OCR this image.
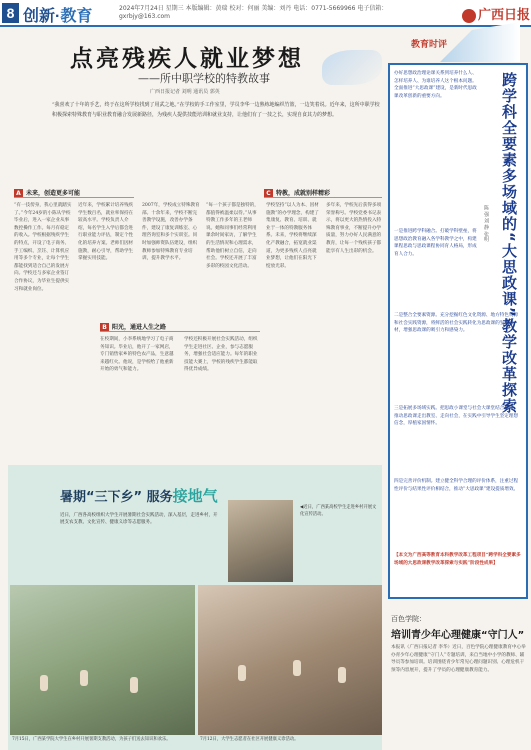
8 创新·教育	2024年7月24日 星期三 本版编辑：黄瑞 校对：何丽 美编：刘丹 电话：0771-5669966 电子信箱：gxrbjy@163.com	广西日报
点亮残疾人就业梦想
——所中职学校的特教故事
广西日报记者 刘明 通讯员 郭英
“我喜欢了十年的手艺，终于在这所学校找到了用武之地。”在学校的手工作室里，学员李华一边熟练地编织竹篮，一边笑着说。近年来，这所中职学校积极探索特殊教育与职业教育融合发展新路径，为残疾人提供技能培训和就业支持，让他们有了一技之长，实现自食其力的梦想。
A 未来，创造更多可能	C 特教，成就别样精彩
B 阳光，通进人生之路
“有一技傍身，我心里就踏实了。”今年24岁的小陈从学校毕业后，进入一家企业从事数控操作工作。每月有稳定的收入。学校根据残疾学生的特点，开设了电子商务、手工编织、烹饪、计算机应用等多个专业，让每个学生都能找到适合自己的发展方向。学校还与多家企业签订合作协议，为毕业生提供实习和就业岗位。
近年来，学校累计培养残疾学生数百名，就业率保持在较高水平。学校负责人介绍，每名学生入学后都会进行职业能力评估，制定个性化的培养方案。老师们因材施教，耐心引导，帮助学生掌握实用技能。
2007年，学校成立特殊教育部。十余年来，学校不断完善教学设施，改善办学条件，建设了康复训练室、心理咨询室和多个实训室。同时加强师资队伍建设，组织教师参加特殊教育专业培训，提升教学水平。
“每一个孩子都是独特的，都值得被温柔以待。”从事特教工作多年的王老师说。她和同事们经常利用课余时间家访，了解学生的生活情况和心理需求，帮助他们树立自信，走向社会。学校还开展了丰富多彩的校园文化活动。
在校期间，小李系统地学习了电子商务知识。毕业后，他开了一家网店，专门销售家乡的特色农产品，生意越来越红火。他说，是学校给了他重新开始的勇气和能力。
学校还积极开展社会实践活动，组织学生走进社区、企业，参与志愿服务，增强社会适应能力。每年的职业技能大赛上，学校的残疾学生都能取得优异成绩。
学校坚持“以人为本、因材施教”的办学理念，构建了集康复、教育、培训、就业于一体的特教服务体系。未来，学校将继续深化产教融合，拓宽就业渠道，为更多残疾人点亮就业梦想，让他们在阳光下绽放光彩。
多年来，学校先后获得多项荣誉称号。学校党委书记表示，将以更大的热情投入特殊教育事业，不断提升办学质量，努力办好人民满意的教育，让每一个残疾孩子都能享有人生出彩的机会。
暑期“三下乡” 服务接地气
近日，广西各高校组织大学生开展暑期社会实践活动，深入基层，走进乡村，开展支农支教、文化宣传、健康义诊等志愿服务。
◀近日，广西某高校学生走进乡村开展文化宣传活动。
7月15日，广西某学院大学生在乡村开展暑期支教活动，为孩子们送去知识和欢乐。	7月12日，大学生志愿者在社区开展健康义诊活动。
教育时评
跨学科全要素多场域的“大思政课”教学改革探索
陈 强 刘 静 张明
办好思想政治理论课关系到培养什么人、怎样培养人、为谁培养人这个根本问题。全面推进“大思政课”建设，是新时代思政课改革创新的重要方向。
一是推进跨学科融合。打破学科壁垒，将思想政治教育融入各学科教学之中，构建课程思政与思政课程协同育人格局，形成育人合力。
二是整合全要素资源。充分挖掘红色文化资源、地方特色资源和社会实践资源，将鲜活的社会实践转化为思政课的生动素材，增强思政课的吸引力和感染力。
三是拓展多场域实践。把思政小课堂与社会大课堂结合起来，推动思政课走出教室、走向社会，在实践中引导学生坚定理想信念，厚植家国情怀。
四是完善评价机制。建立健全科学合理的评价体系，注重过程性评价与结果性评价相结合，推动“大思政课”建设提质增效。
【本文为广西高等教育本科教学改革工程项目“跨学科全要素多场域的大思政课教学改革探索与实践”阶段性成果】
百色学院：
培训青少年心理健康“守门人”
本报讯（广西日报记者 李华）近日，百色学院心理健康教育中心举办青少年心理健康“守门人”专题培训，来自当地中小学的教师、辅导员等参加培训。培训围绕青少年常见心理问题识别、心理危机干预等内容展开，提升了学员的心理健康教育能力。
